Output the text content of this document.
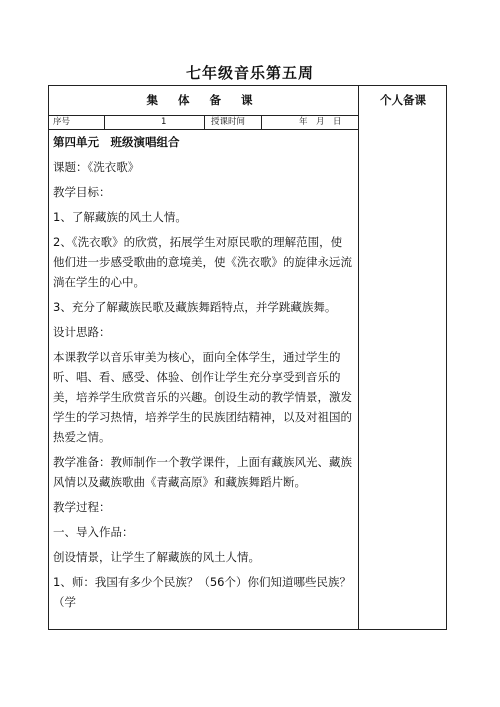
七年级音乐第五周
集 体 备 课	个人备课
序号	1	授课时间	年　月　日

第四单元　班级演唱组合

课题：《洗衣歌》

教学目标：

1、了解藏族的风土人情。

2、《洗衣歌》的欣赏，拓展学生对原民歌的理解范围，使他们进一步感受歌曲的意境美，使《洗衣歌》的旋律永远流淌在学生的心中。

3、充分了解藏族民歌及藏族舞蹈特点，并学跳藏族舞。

设计思路：

本课教学以音乐审美为核心，面向全体学生，通过学生的听、唱、看、感受、体验、创作让学生充分享受到音乐的美，培养学生欣赏音乐的兴趣。创设生动的教学情景，激发学生的学习热情，培养学生的民族团结精神，以及对祖国的热爱之情。

教学准备：教师制作一个教学课件，上面有藏族风光、藏族风情以及藏族歌曲《青藏高原》和藏族舞蹈片断。

教学过程：

一、导入作品：

创设情景，让学生了解藏族的风土人情。

1、师：我国有多少个民族？（56个）你们知道哪些民族？（学
